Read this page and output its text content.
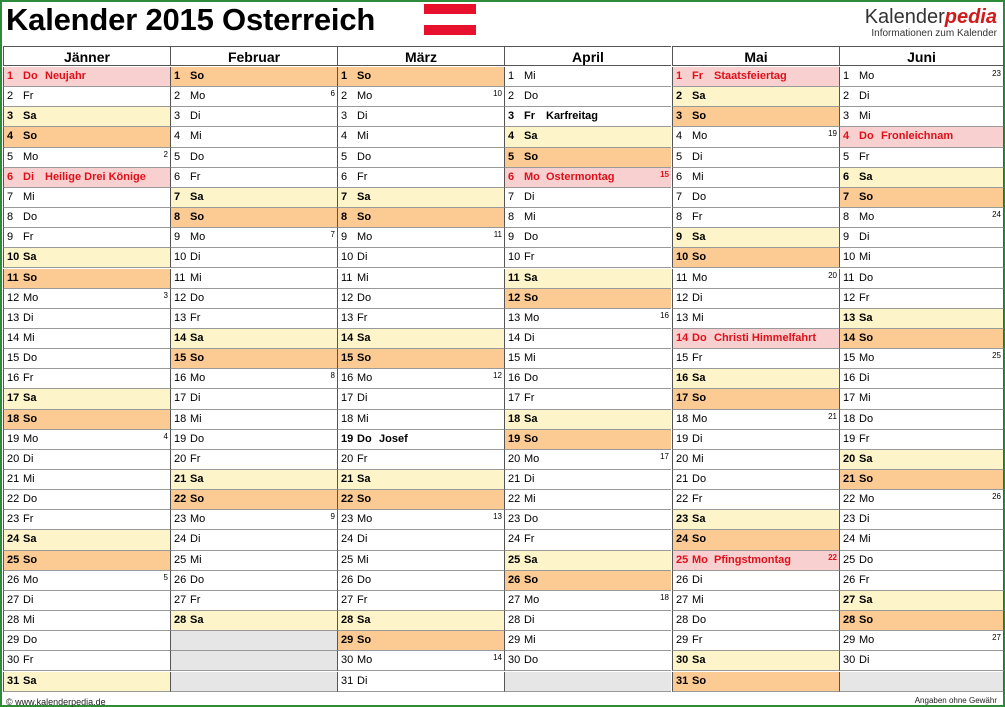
Kalender 2015 Osterreich	Kalenderpedia
Informationen zum Kalender
Jänner
1 Do Neujahr
2 Fr
3 Sa
4 So
5 Mo	2
6 Di Heilige Drei Könige
7 Mi
8 Do
9 Fr
10 Sa
11 So
12 Mo	3
13 Di
14 Mi
15 Do
16 Fr
17 Sa
18 So
19 Mo	4
20 Di
21 Mi
22 Do
23 Fr
24 Sa
25 So
26 Mo	5
27 Di
28 Mi
29 Do
30 Fr
31 Sa
Februar
1 So
2 Mo	6
3 Di
4 Mi
5 Do
6 Fr
7 Sa
8 So
9 Mo	7
10 Di
11 Mi
12 Do
13 Fr
14 Sa
15 So
16 Mo	8
17 Di
18 Mi
19 Do
20 Fr
21 Sa
22 So
23 Mo	9
24 Di
25 Mi
26 Do
27 Fr
28 Sa
März
1 So
2 Mo	10
3 Di
4 Mi
5 Do
6 Fr
7 Sa
8 So
9 Mo	11
10 Di
11 Mi
12 Do
13 Fr
14 Sa
15 So
16 Mo	12
17 Di
18 Mi
19 Do Josef
20 Fr
21 Sa
22 So
23 Mo	13
24 Di
25 Mi
26 Do
27 Fr
28 Sa
29 So
30 Mo	14
31 Di
April
1 Mi
2 Do
3 Fr Karfreitag
4 Sa
5 So
6 Mo Ostermontag	15
7 Di
8 Mi
9 Do
10 Fr
11 Sa
12 So
13 Mo	16
14 Di
15 Mi
16 Do
17 Fr
18 Sa
19 So
20 Mo	17
21 Di
22 Mi
23 Do
24 Fr
25 Sa
26 So
27 Mo	18
28 Di
29 Mi
30 Do
Mai
1 Fr Staatsfeiertag
2 Sa
3 So
4 Mo	19
5 Di
6 Mi
7 Do
8 Fr
9 Sa
10 So
11 Mo	20
12 Di
13 Mi
14 Do Christi Himmelfahrt
15 Fr
16 Sa
17 So
18 Mo	21
19 Di
20 Mi
21 Do
22 Fr
23 Sa
24 So
25 Mo Pfingstmontag	22
26 Di
27 Mi
28 Do
29 Fr
30 Sa
31 So
Juni
1 Mo	23
2 Di
3 Mi
4 Do Fronleichnam
5 Fr
6 Sa
7 So
8 Mo	24
9 Di
10 Mi
11 Do
12 Fr
13 Sa
14 So
15 Mo	25
16 Di
17 Mi
18 Do
19 Fr
20 Sa
21 So
22 Mo	26
23 Di
24 Mi
25 Do
26 Fr
27 Sa
28 So
29 Mo	27
30 Di
© www.kalenderpedia.de	Angaben ohne Gewähr
